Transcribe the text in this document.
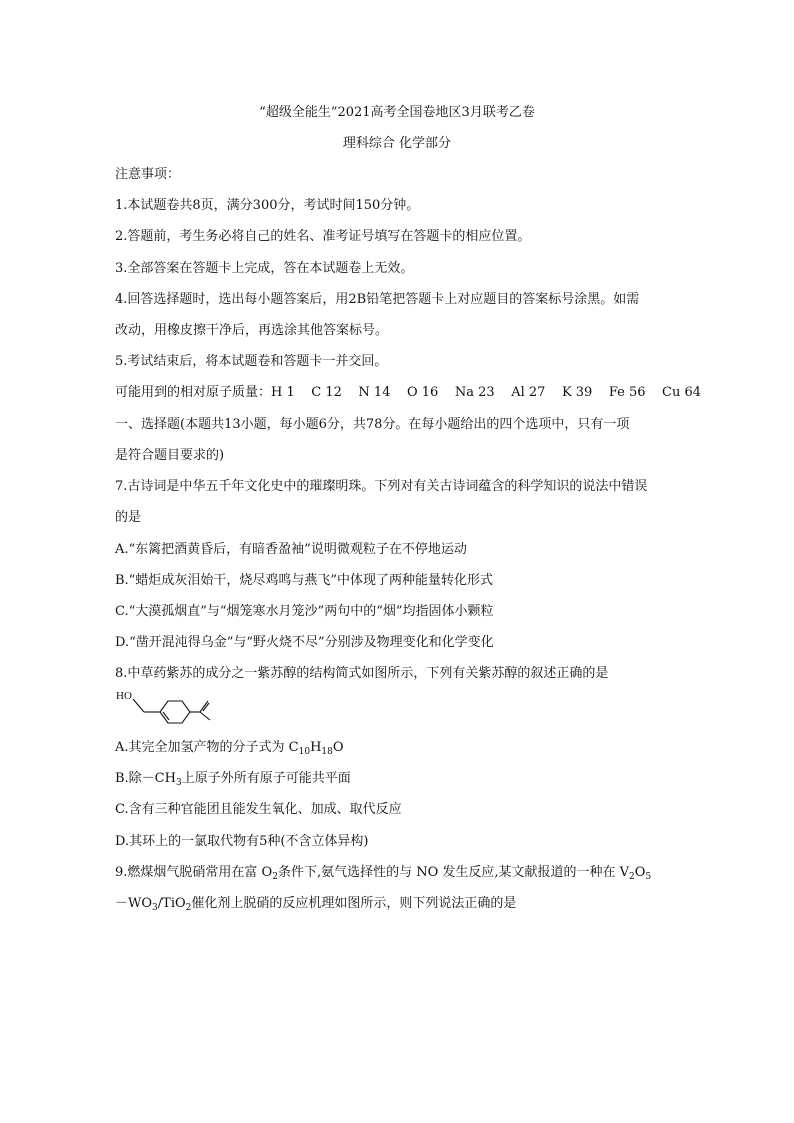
“超级全能生”2021高考全国卷地区3月联考乙卷
理科综合 化学部分
注意事项：
1.本试题卷共8页，满分300分，考试时间150分钟。
2.答题前，考生务必将自己的姓名、准考证号填写在答题卡的相应位置。
3.全部答案在答题卡上完成，答在本试题卷上无效。
4.回答选择题时，选出每小题答案后，用2B铅笔把答题卡上对应题目的答案标号涂黑。如需
改动，用橡皮擦干净后，再选涂其他答案标号。
5.考试结束后，将本试题卷和答题卡一并交回。
可能用到的相对原子质量：H 1    C 12    N 14    O 16    Na 23    Al 27    K 39    Fe 56    Cu 64
一、选择题(本题共13小题，每小题6分，共78分。在每小题给出的四个选项中，只有一项
是符合题目要求的)
7.古诗词是中华五千年文化史中的璀璨明珠。下列对有关古诗词蕴含的科学知识的说法中错误
的是
A.“东篱把酒黄昏后，有暗香盈袖”说明微观粒子在不停地运动
B.“蜡炬成灰泪始干，烧尽鸡鸣与燕飞”中体现了两种能量转化形式
C.“大漠孤烟直”与“烟笼寒水月笼沙”两句中的“烟”均指固体小颗粒
D.“凿开混沌得乌金”与“野火烧不尽”分别涉及物理变化和化学变化
8.中草药紫苏的成分之一紫苏醇的结构简式如图所示，下列有关紫苏醇的叙述正确的是
HO
A.其完全加氢产物的分子式为 $C_{10}H_{18}O$
B.除$-CH_3$上原子外所有原子可能共平面
C.含有三种官能团且能发生氧化、加成、取代反应
D.其环上的一氯取代物有5种(不含立体异构)
9.燃煤烟气脱硝常用在富 $O_2$条件下,氨气选择性的与 NO 发生反应,某文献报道的一种在 $V_2O_5$
$-WO_3/TiO_2$催化剂上脱硝的反应机理如图所示，则下列说法正确的是
